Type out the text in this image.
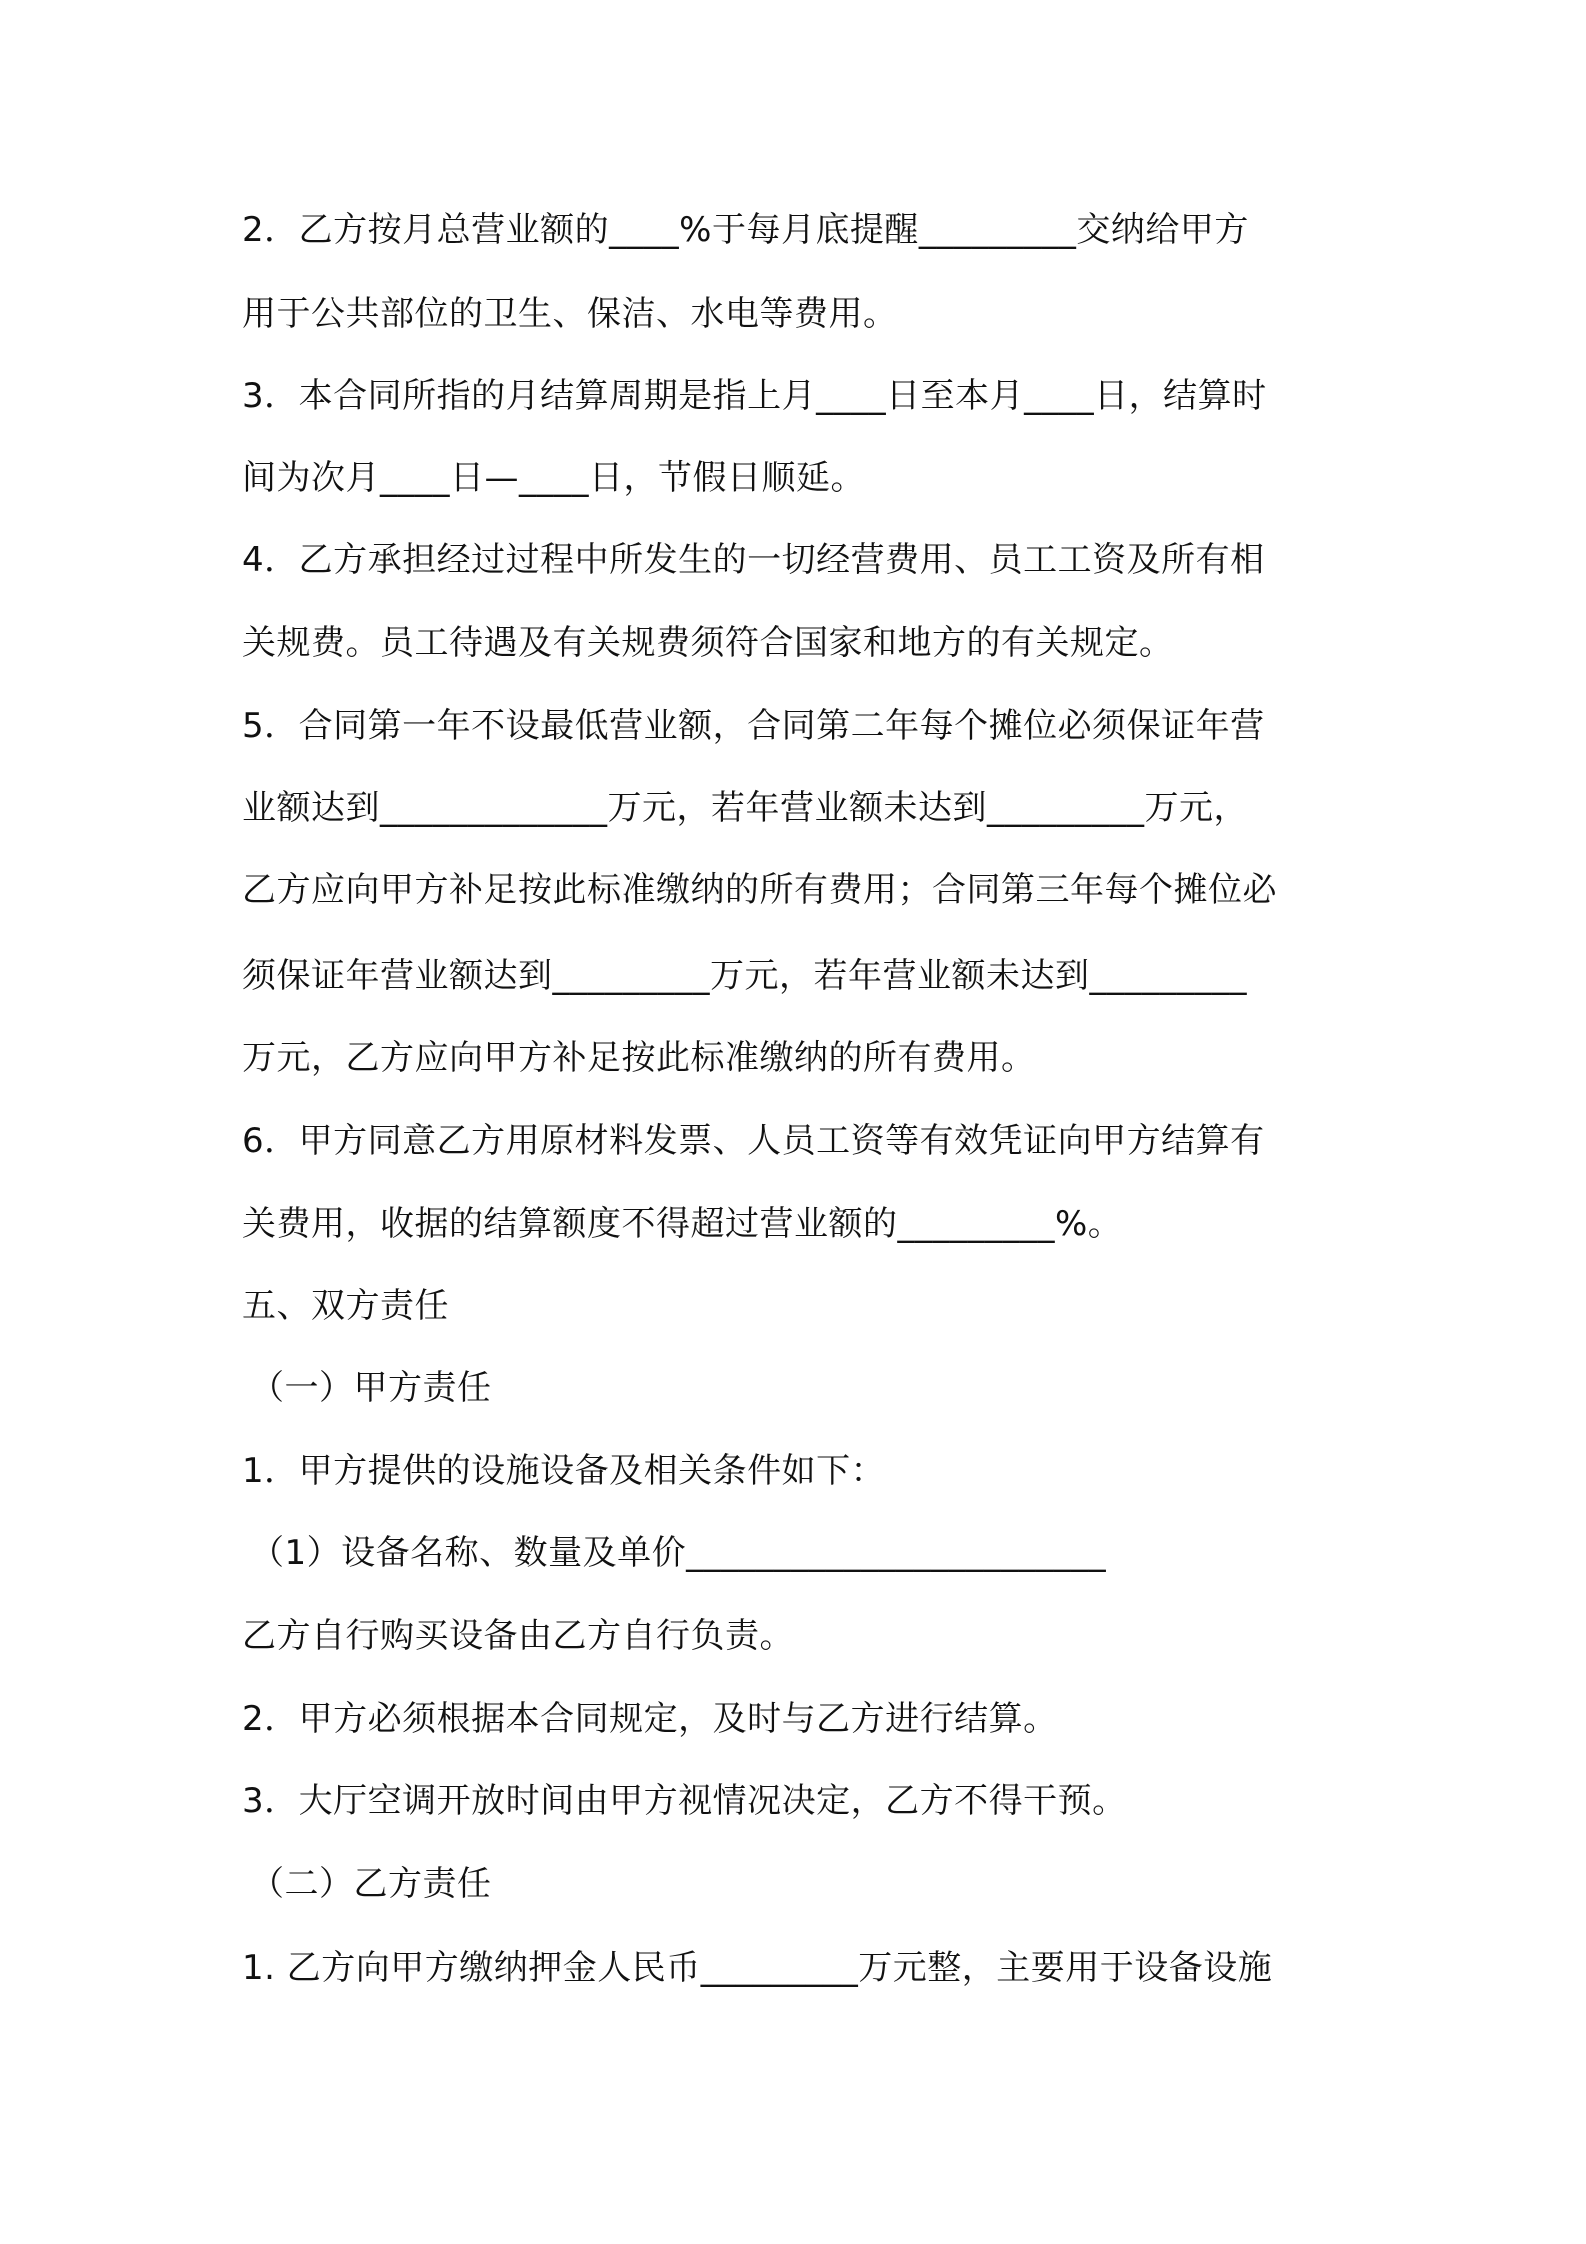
2．乙方按月总营业额的____%于每月底提醒_________交纳给甲方
用于公共部位的卫生、保洁、水电等费用。
3．本合同所指的月结算周期是指上月____日至本月____日，结算时
间为次月____日—____日，节假日顺延。
4．乙方承担经过过程中所发生的一切经营费用、员工工资及所有相
关规费。员工待遇及有关规费须符合国家和地方的有关规定。
5．合同第一年不设最低营业额，合同第二年每个摊位必须保证年营
业额达到_____________万元，若年营业额未达到_________万元，
乙方应向甲方补足按此标准缴纳的所有费用；合同第三年每个摊位必
须保证年营业额达到_________万元，若年营业额未达到_________
万元，乙方应向甲方补足按此标准缴纳的所有费用。
6．甲方同意乙方用原材料发票、人员工资等有效凭证向甲方结算有
关费用，收据的结算额度不得超过营业额的_________%。
五、双方责任
（一）甲方责任
1．甲方提供的设施设备及相关条件如下：
（1）设备名称、数量及单价________________________
乙方自行购买设备由乙方自行负责。
2．甲方必须根据本合同规定，及时与乙方进行结算。
3．大厅空调开放时间由甲方视情况决定，乙方不得干预。
（二）乙方责任
1. 乙方向甲方缴纳押金人民币_________万元整，主要用于设备设施
